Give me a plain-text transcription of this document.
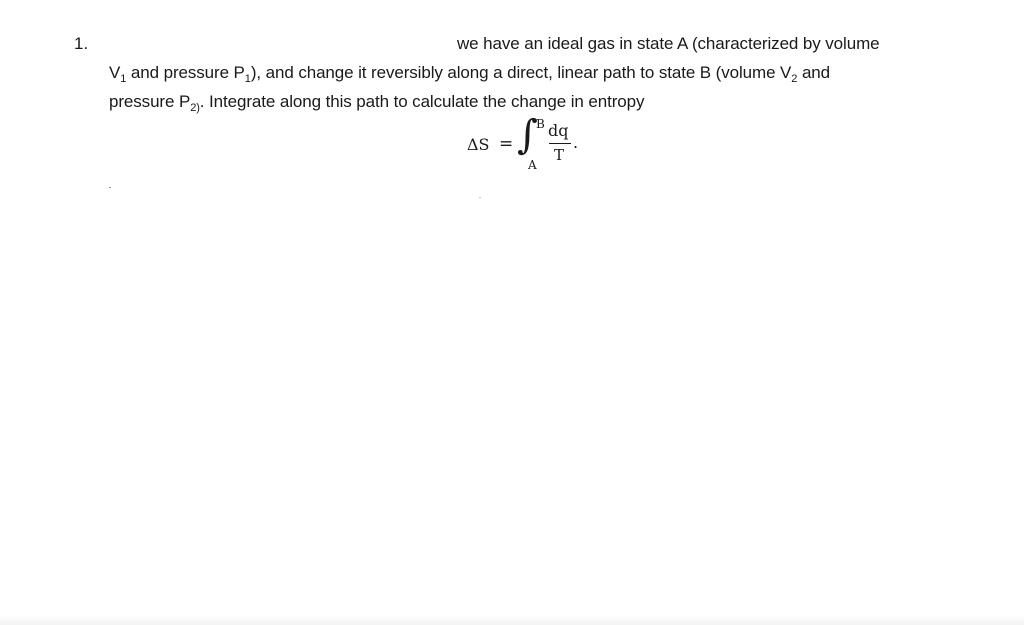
1.	we have an ideal gas in state A (characterized by volume
$V_1$ and pressure $P_1$), and change it reversibly along a direct, linear path to state B (volume $V_2$ and
pressure $P_{2)}$. Integrate along this path to calculate the change in entropy
ΔS = ∫
B
A
dq
T
.
